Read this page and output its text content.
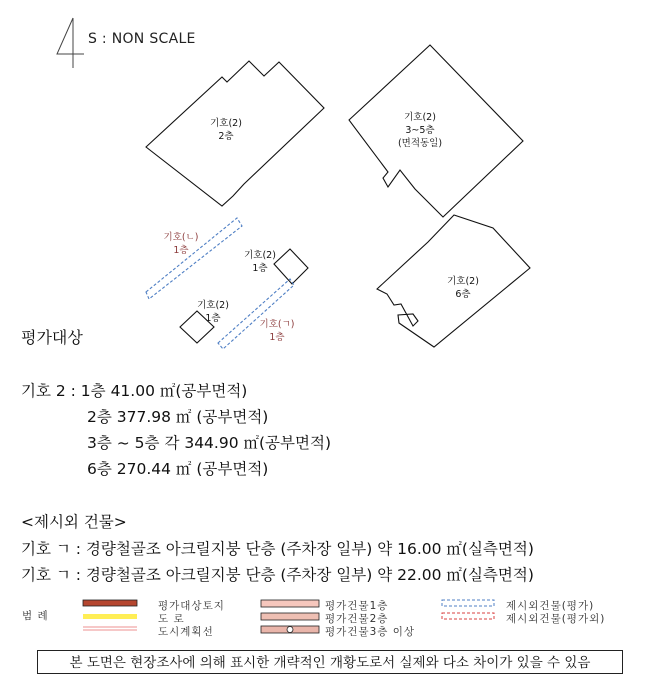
기호(2)
2층
기호(2)
3~5층
(면적동일)
기호(ㄴ)
1층	기호(2)
1층
기호(2)
1층
기호(ㄱ)
1층
기호(2)
6층
S : NON SCALE
평가대상
기호 2 : 1층 41.00 ㎡(공부면적)
2층 377.98 ㎡ (공부면적)
3층 ~ 5층 각 344.90 ㎡(공부면적)
6층 270.44 ㎡ (공부면적)
<제시외 건물>
기호 ㄱ : 경량철골조 아크릴지붕 단층 (주차장 일부) 약 16.00 ㎡(실측면적)
기호 ㄱ : 경량철골조 아크릴지붕 단층 (주차장 일부) 약 22.00 ㎡(실측면적)
범 례
평가대상토지
도 로
도시계획선
평가건물1층
평가건물2층
평가건물3층 이상
제시외건물(평가)
제시외건물(평가외)
본 도면은 현장조사에 의해 표시한 개략적인 개황도로서 실제와 다소 차이가 있을 수 있음
